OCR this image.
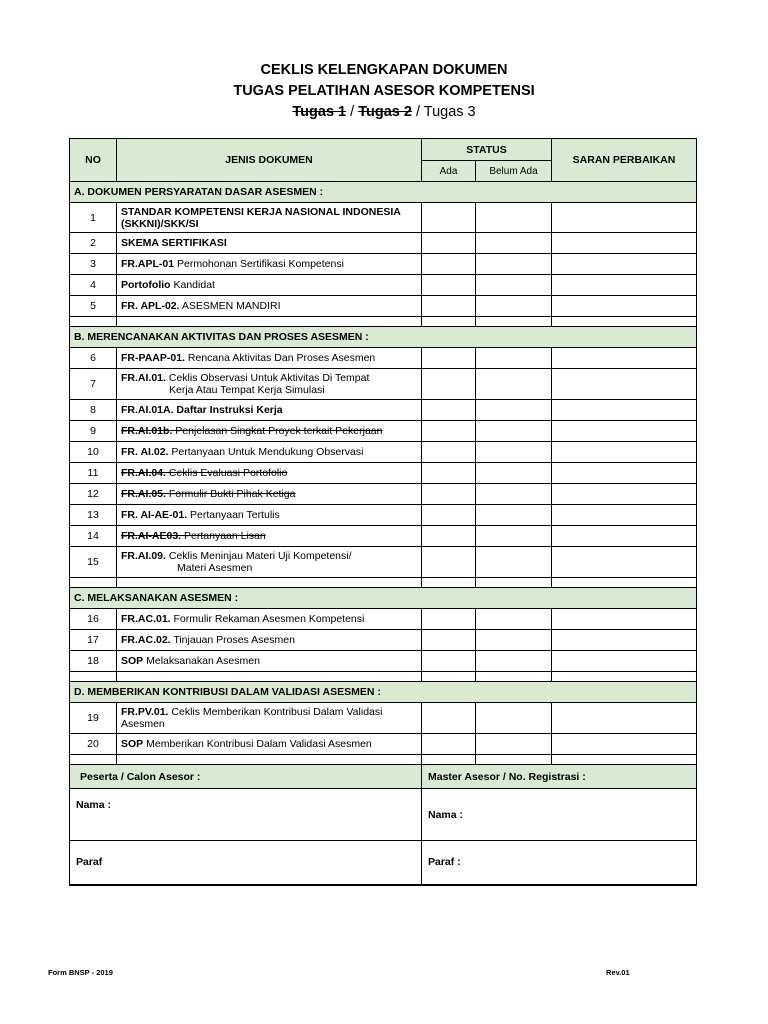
CEKLIS KELENGKAPAN DOKUMEN
TUGAS PELATIHAN ASESOR KOMPETENSI
Tugas 1 / Tugas 2 / Tugas 3
NO	JENIS DOKUMEN	STATUS		SARAN PERBAIKAN
		Ada	Belum Ada	
A. DOKUMEN PERSYARATAN DASAR ASESMEN :				
1	STANDAR KOMPETENSI KERJA NASIONAL INDONESIA (SKKNI)/SKK/SI			
2	SKEMA SERTIFIKASI			
3	FR.APL-01 Permohonan Sertifikasi Kompetensi			
4	Portofolio Kandidat			
5	FR. APL-02. ASESMEN MANDIRI			

B. MERENCANAKAN AKTIVITAS DAN PROSES ASESMEN :				
6	FR-PAAP-01. Rencana Aktivitas Dan Proses Asesmen			
7	FR.AI.01. Ceklis Observasi Untuk Aktivitas Di Tempat
Kerja Atau Tempat Kerja Simulasi			
8	FR.AI.01A. Daftar Instruksi Kerja			
9	FR.AI.01b. Penjelasan Singkat Proyek terkait Pekerjaan			
10	FR. AI.02. Pertanyaan Untuk Mendukung Observasi			
11	FR.AI.04. Ceklis Evaluasi Portofolio			
12	FR.AI.05. Formulir Bukti Pihak Ketiga			
13	FR. AI-AE-01. Pertanyaan Tertulis			
14	FR.AI-AE03. Pertanyaan Lisan			
15	FR.AI.09. Ceklis Meninjau Materi Uji Kompetensi/
Materi Asesmen			

C. MELAKSANAKAN ASESMEN :				
16	FR.AC.01. Formulir Rekaman Asesmen Kompetensi			
17	FR.AC.02. Tinjauan Proses Asesmen			
18	SOP Melaksanakan Asesmen			

D. MEMBERIKAN KONTRIBUSI DALAM VALIDASI ASESMEN :				
19	FR.PV.01. Ceklis Memberikan Kontribusi Dalam Validasi Asesmen			
20	SOP Memberikan Kontribusi Dalam Validasi Asesmen			

Peserta / Calon Asesor :		Master Asesor / No. Registrasi :		
Nama :		Nama :		
Paraf		Paraf :		
Form BNSP - 2019	Rev.01
